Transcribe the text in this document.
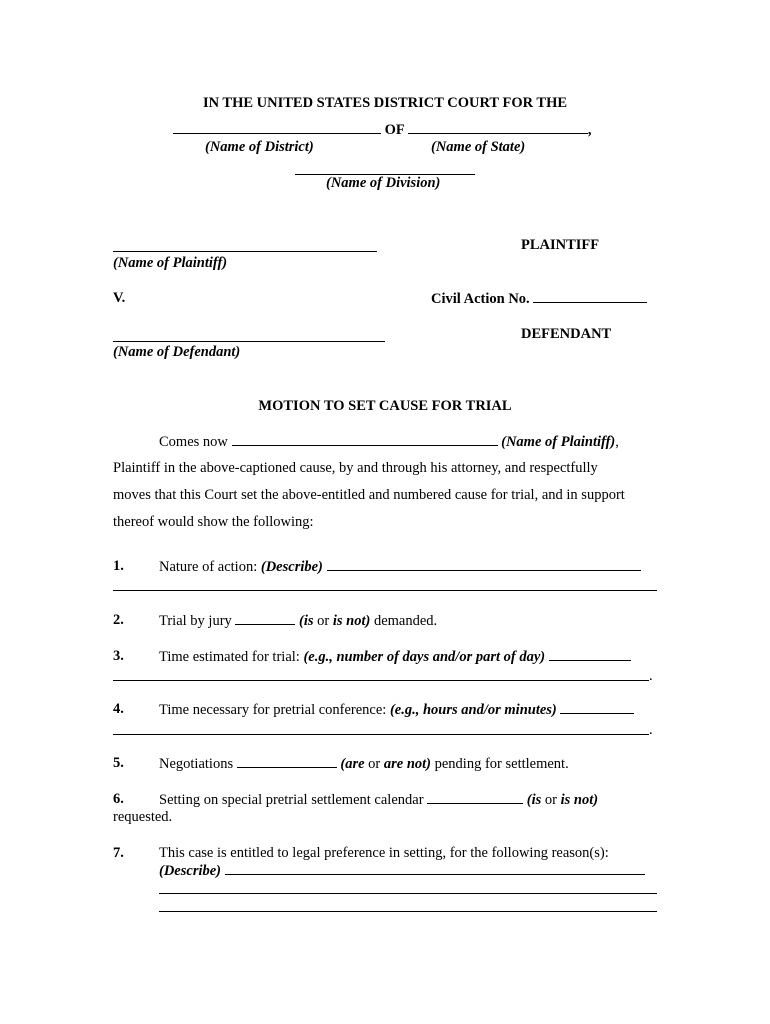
IN THE UNITED STATES DISTRICT COURT FOR THE
OF	,
(Name of District)	(Name of State)
(Name of Division)
PLAINTIFF
(Name of Plaintiff)
V.	Civil Action No.
DEFENDANT
(Name of Defendant)
MOTION TO SET CAUSE FOR TRIAL
Comes now	(Name of Plaintiff),
Plaintiff in the above-captioned cause, by and through his attorney, and respectfully
moves that this Court set the above-entitled and numbered cause for trial, and in support
thereof would show the following:
1. Nature of action: (Describe)
2. Trial by jury	(is or is not) demanded.
3. Time estimated for trial: (e.g., number of days and/or part of day)
.
4. Time necessary for pretrial conference: (e.g., hours and/or minutes)
.
5. Negotiations	(are or are not) pending for settlement.
6. Setting on special pretrial settlement calendar	(is or is not)
requested.
7. This case is entitled to legal preference in setting, for the following reason(s):
(Describe)
